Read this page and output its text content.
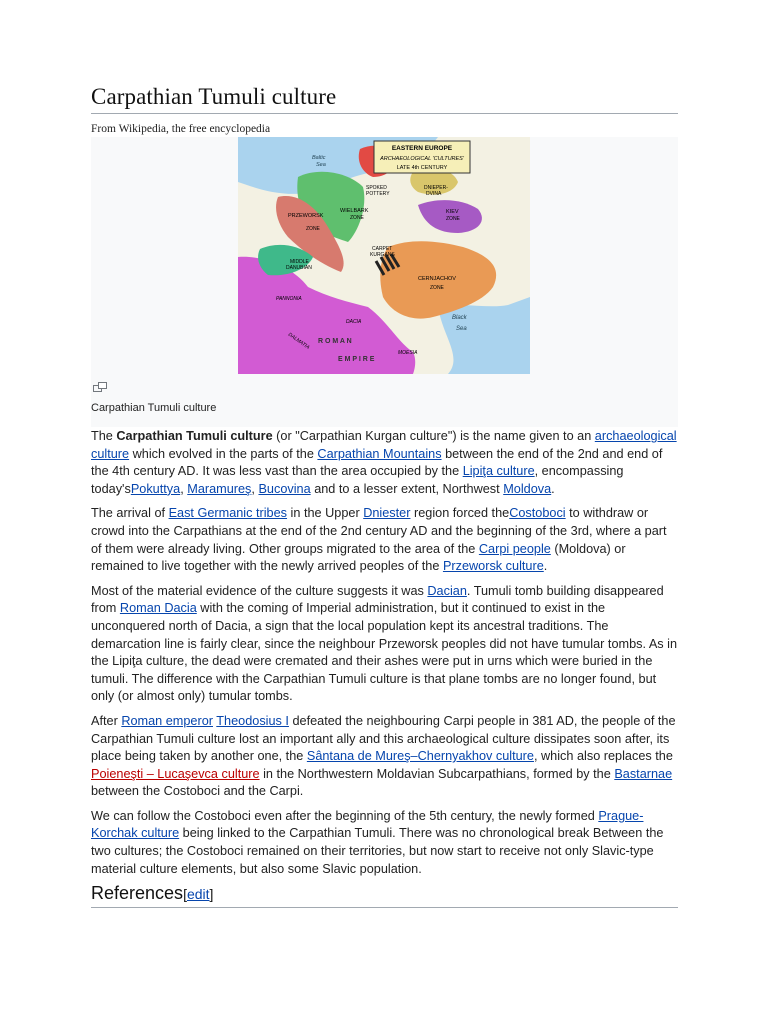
Carpathian Tumuli culture
From Wikipedia, the free encyclopedia
EASTERN EUROPE
ARCHAEOLOGICAL 'CULTURES'
LATE 4th CENTURY
Baltic
Sea
Black
Sea
SPOKED
POTTERY
DNIEPER-
DVINA
WIELBARK
ZONE
PRZEWORSK
ZONE
KIEV
ZONE
CARPET
KURGANS
MIDDLE
DANUBIAN
CERNJACHOV
ZONE
PANNONIA
DACIA
R O M A N
E M P I R E
MOESIA
DALMATIA
Carpathian Tumuli culture

The Carpathian Tumuli culture (or "Carpathian Kurgan culture") is the name given to an archaeological culture which evolved in the parts of the Carpathian Mountains between the end of the 2nd and end of the 4th century AD. It was less vast than the area occupied by the Lipiţa culture, encompassing today'sPokuttya, Maramureş, Bucovina and to a lesser extent, Northwest Moldova.

The arrival of East Germanic tribes in the Upper Dniester region forced theCostoboci to withdraw or crowd into the Carpathians at the end of the 2nd century AD and the beginning of the 3rd, where a part of them were already living. Other groups migrated to the area of the Carpi people (Moldova) or remained to live together with the newly arrived peoples of the Przeworsk culture.

Most of the material evidence of the culture suggests it was Dacian. Tumuli tomb building disappeared from Roman Dacia with the coming of Imperial administration, but it continued to exist in the unconquered north of Dacia, a sign that the local population kept its ancestral traditions. The demarcation line is fairly clear, since the neighbour Przeworsk peoples did not have tumular tombs. As in the Lipiţa culture, the dead were cremated and their ashes were put in urns which were buried in the tumuli. The difference with the Carpathian Tumuli culture is that plane tombs are no longer found, but only (or almost only) tumular tombs.

After Roman emperor Theodosius I defeated the neighbouring Carpi people in 381 AD, the people of the Carpathian Tumuli culture lost an important ally and this archaeological culture dissipates soon after, its place being taken by another one, the Sântana de Mureş–Chernyakhov culture, which also replaces the Poieneşti – Lucaşevca culture in the Northwestern Moldavian Subcarpathians, formed by the Bastarnae between the Costoboci and the Carpi.

We can follow the Costoboci even after the beginning of the 5th century, the newly formed Prague-Korchak culture being linked to the Carpathian Tumuli. There was no chronological break Between the two cultures; the Costoboci remained on their territories, but now start to receive not only Slavic-type material culture elements, but also some Slavic population.

References[edit]
